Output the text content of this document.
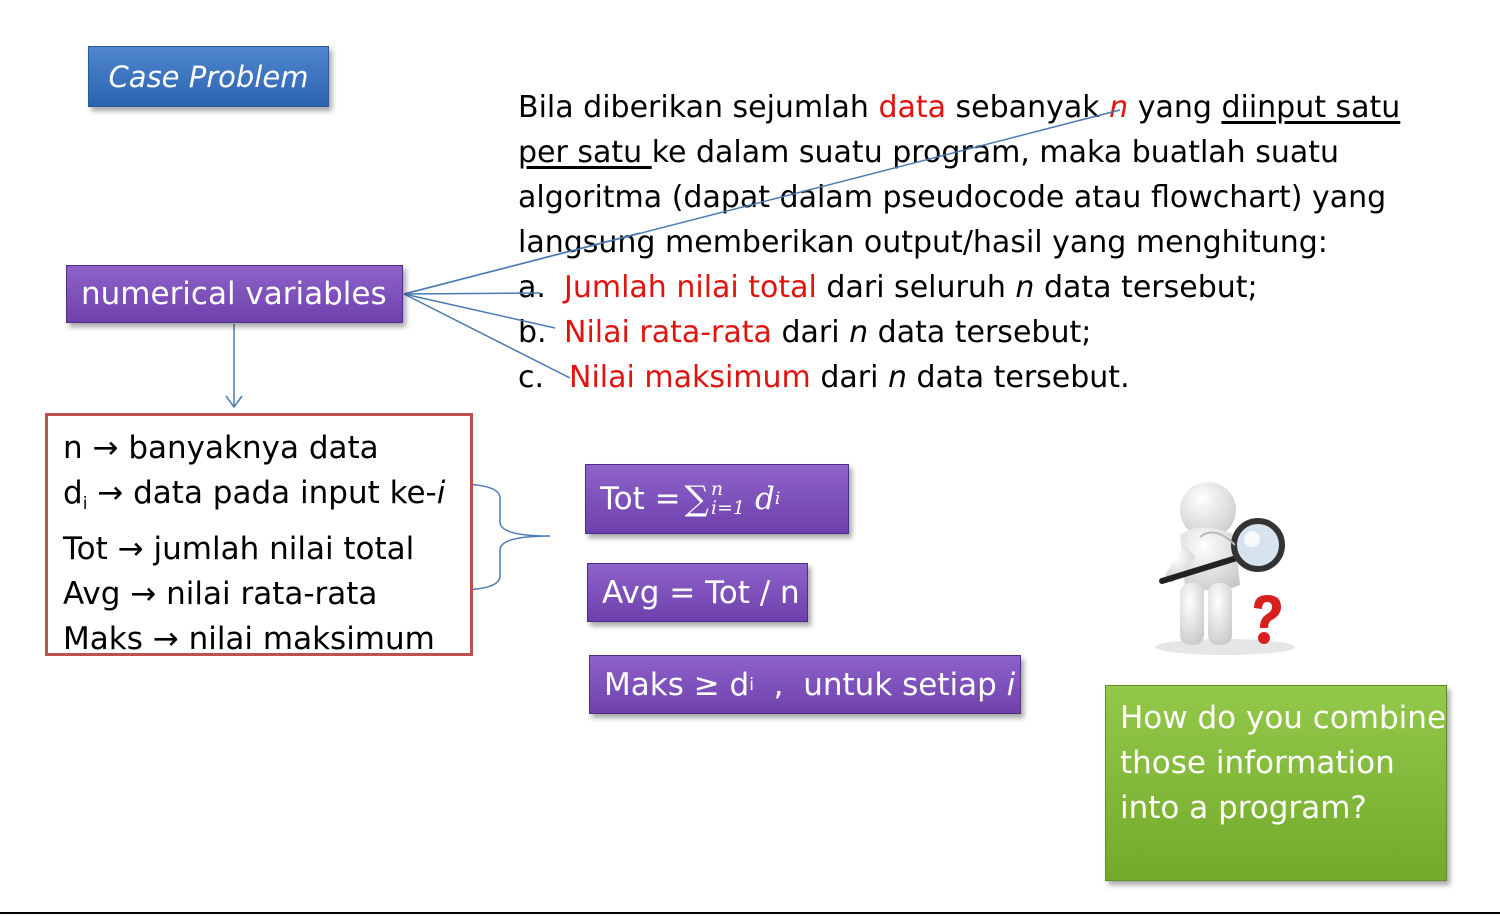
Case Problem

Bila diberikan sejumlah data sebanyak n yang diinput satu
per satu ke dalam suatu program, maka buatlah suatu algoritma (dapat dalam pseudocode atau flowchart) yang langsung memberikan output/hasil yang menghitung:

a. Jumlah nilai total dari seluruh n data tersebut;
b. Nilai rata-rata dari n data tersebut;
c. Nilai maksimum dari n data tersebut.
numerical variables
n → banyaknya data
$d_i$ → data pada input ke-i
Tot → jumlah nilai total
Avg → nilai rata-rata
Maks → nilai maksimum
Tot = ∑ n
i=1 d i
Avg = Tot / n
Maks ≥ d i ,  untuk setiap i
How do you combine those information into a program?
